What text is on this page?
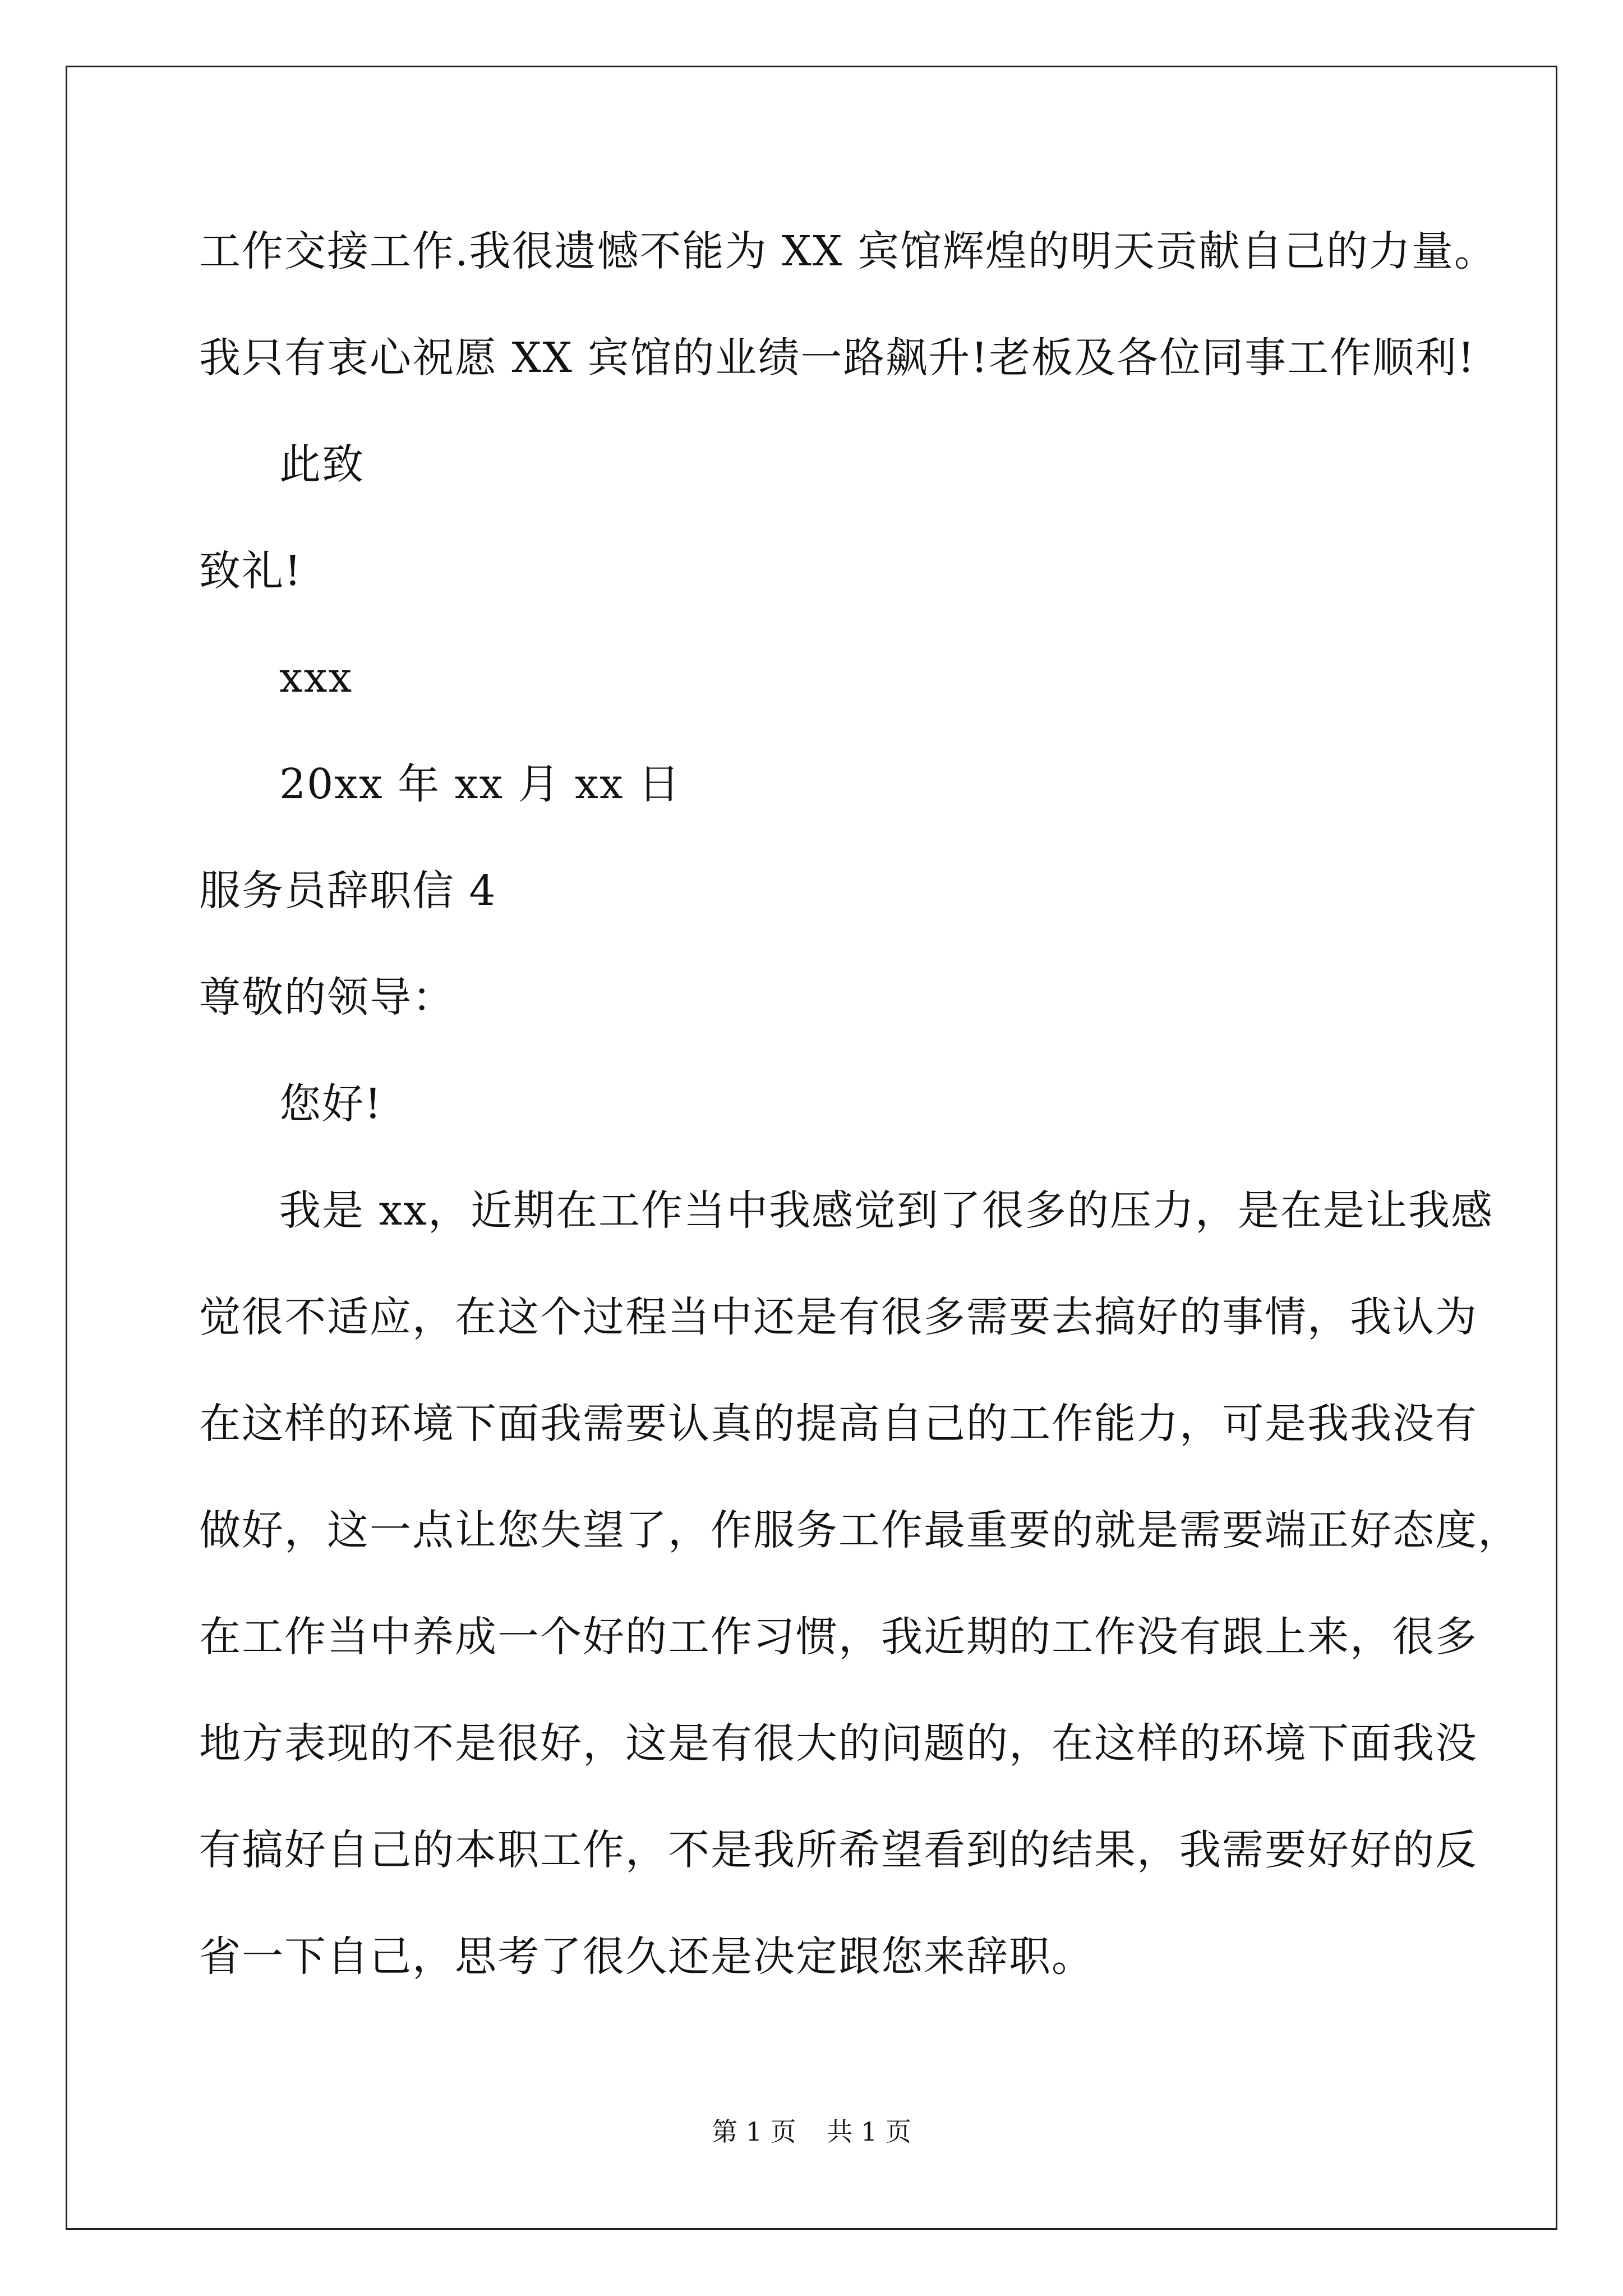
工作交接工作.我很遗憾不能为 XX 宾馆辉煌的明天贡献自己的力量。
我只有衷心祝愿 XX 宾馆的业绩一路飙升!老板及各位同事工作顺利!
此致
致礼!
xxx
20xx 年 xx 月 xx 日
服务员辞职信 4
尊敬的领导：
您好!
我是 xx，近期在工作当中我感觉到了很多的压力，是在是让我感
觉很不适应，在这个过程当中还是有很多需要去搞好的事情，我认为
在这样的环境下面我需要认真的提高自己的工作能力，可是我我没有
做好，这一点让您失望了，作服务工作最重要的就是需要端正好态度，
在工作当中养成一个好的工作习惯，我近期的工作没有跟上来，很多
地方表现的不是很好，这是有很大的问题的，在这样的环境下面我没
有搞好自己的本职工作，不是我所希望看到的结果，我需要好好的反
省一下自己，思考了很久还是决定跟您来辞职。
第 1 页 共 1 页
